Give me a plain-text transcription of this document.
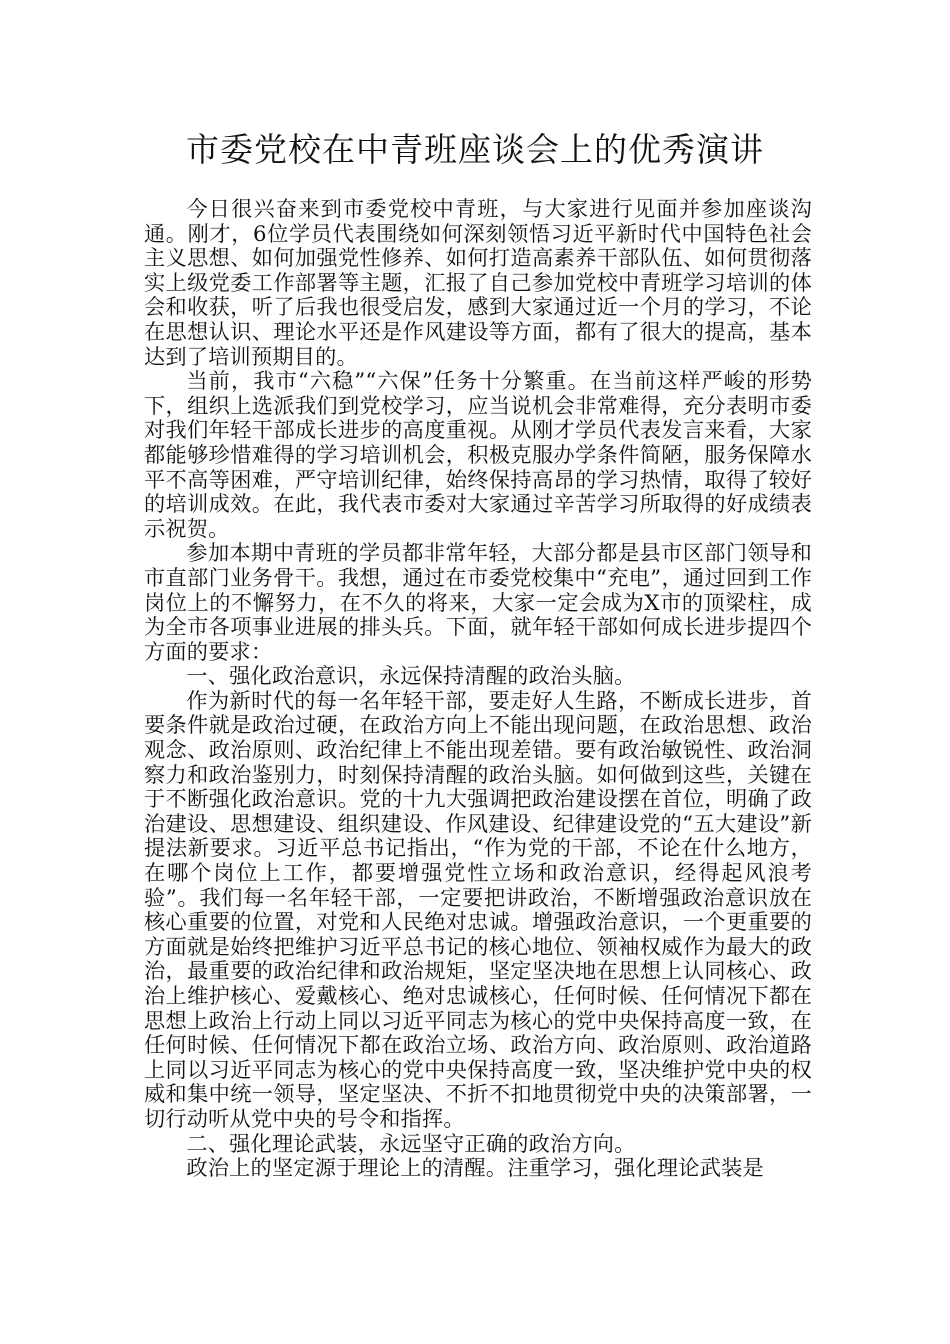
市委党校在中青班座谈会上的优秀演讲

今日很兴奋来到市委党校中青班，与大家进行见面并参加座谈沟通。刚才，6位学员代表围绕如何深刻领悟习近平新时代中国特色社会主义思想、如何加强党性修养、如何打造高素养干部队伍、如何贯彻落实上级党委工作部署等主题，汇报了自己参加党校中青班学习培训的体会和收获，听了后我也很受启发，感到大家通过近一个月的学习，不论在思想认识、理论水平还是作风建设等方面，都有了很大的提高，基本达到了培训预期目的。

当前，我市“六稳”“六保”任务十分繁重。在当前这样严峻的形势下，组织上选派我们到党校学习，应当说机会非常难得，充分表明市委对我们年轻干部成长进步的高度重视。从刚才学员代表发言来看，大家都能够珍惜难得的学习培训机会，积极克服办学条件简陋，服务保障水平不高等困难，严守培训纪律，始终保持高昂的学习热情，取得了较好的培训成效。在此，我代表市委对大家通过辛苦学习所取得的好成绩表示祝贺。

参加本期中青班的学员都非常年轻，大部分都是县市区部门领导和市直部门业务骨干。我想，通过在市委党校集中“充电”，通过回到工作岗位上的不懈努力，在不久的将来，大家一定会成为X市的顶梁柱，成为全市各项事业进展的排头兵。下面，就年轻干部如何成长进步提四个方面的要求：

一、强化政治意识，永远保持清醒的政治头脑。

作为新时代的每一名年轻干部，要走好人生路，不断成长进步，首要条件就是政治过硬，在政治方向上不能出现问题，在政治思想、政治观念、政治原则、政治纪律上不能出现差错。要有政治敏锐性、政治洞察力和政治鉴别力，时刻保持清醒的政治头脑。如何做到这些，关键在于不断强化政治意识。党的十九大强调把政治建设摆在首位，明确了政治建设、思想建设、组织建设、作风建设、纪律建设党的“五大建设”新提法新要求。习近平总书记指出，“作为党的干部，不论在什么地方，在哪个岗位上工作，都要增强党性立场和政治意识，经得起风浪考验”。我们每一名年轻干部，一定要把讲政治，不断增强政治意识放在核心重要的位置，对党和人民绝对忠诚。增强政治意识，一个更重要的方面就是始终把维护习近平总书记的核心地位、领袖权威作为最大的政治，最重要的政治纪律和政治规矩，坚定坚决地在思想上认同核心、政治上维护核心、爱戴核心、绝对忠诚核心，任何时候、任何情况下都在思想上政治上行动上同以习近平同志为核心的党中央保持高度一致，在任何时候、任何情况下都在政治立场、政治方向、政治原则、政治道路上同以习近平同志为核心的党中央保持高度一致，坚决维护党中央的权威和集中统一领导，坚定坚决、不折不扣地贯彻党中央的决策部署，一切行动听从党中央的号令和指挥。

二、强化理论武装，永远坚守正确的政治方向。

政治上的坚定源于理论上的清醒。注重学习，强化理论武装是
